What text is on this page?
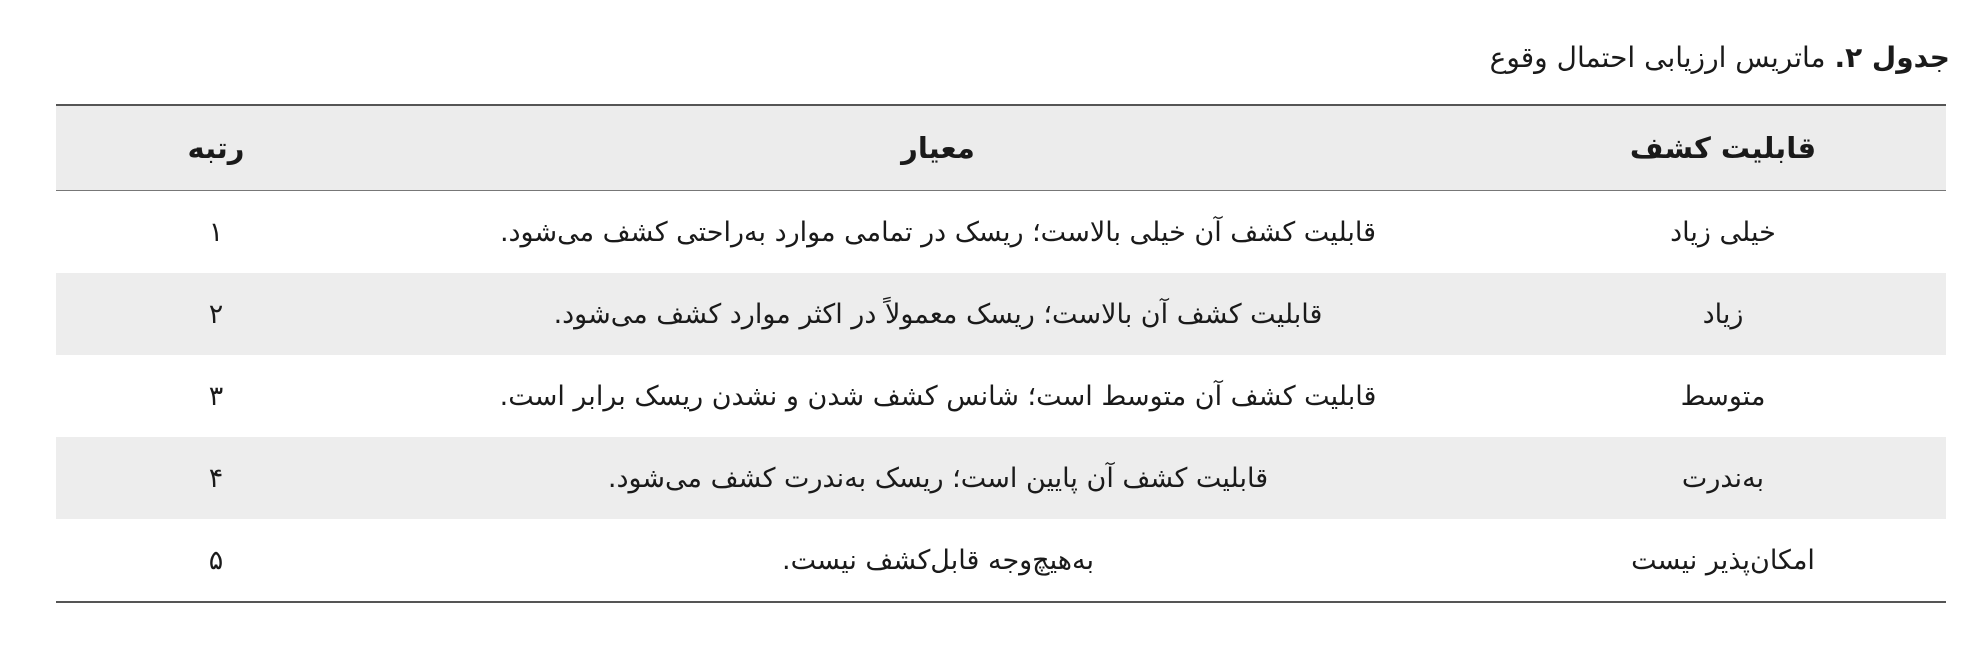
جدول ۲. ماتریس ارزیابی احتمال وقوع
قابلیت کشف	معیار	رتبه
خیلی زیاد	قابلیت کشف آن خیلی بالاست؛ ریسک در تمامی موارد به‌راحتی کشف می‌شود.	۱
زیاد	قابلیت کشف آن بالاست؛ ریسک معمولاً در اکثر موارد کشف می‌شود.	۲
متوسط	قابلیت کشف آن متوسط است؛ شانس کشف شدن و نشدن ریسک برابر است.	۳
به‌ندرت	قابلیت کشف آن پایین است؛ ریسک به‌ندرت کشف می‌شود.	۴
امکان‌پذیر نیست	به‌هیچ‌وجه قابل‌کشف نیست.	۵
